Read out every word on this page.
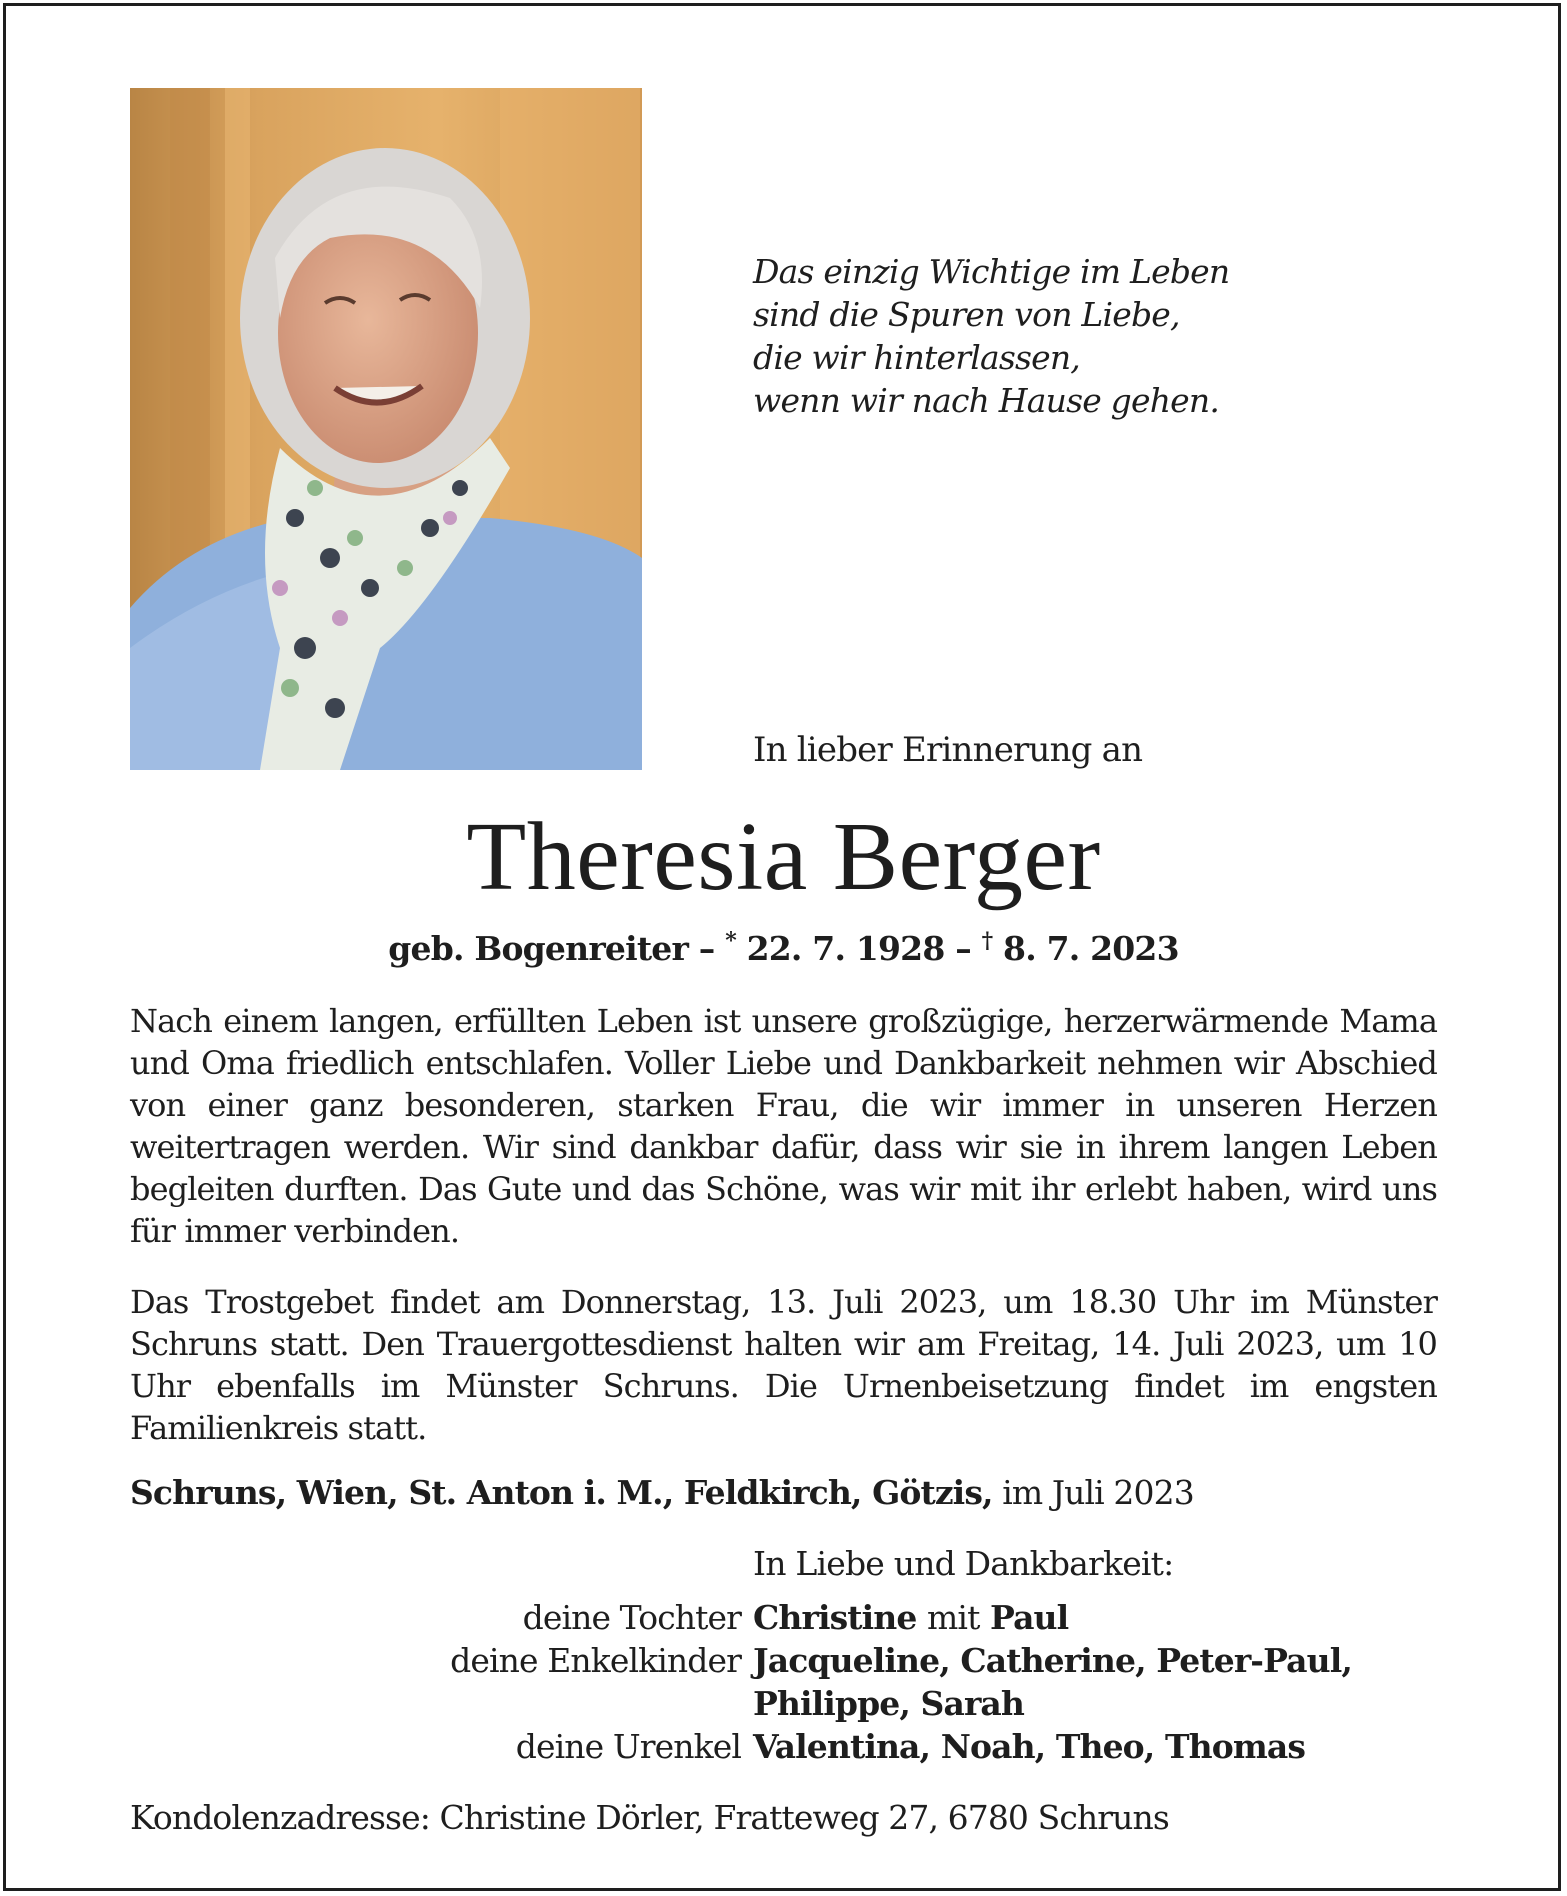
Das einzig Wichtige im Leben
sind die Spuren von Liebe,
die wir hinterlassen,
wenn wir nach Hause gehen.
In lieber Erinnerung an
Theresia Berger
geb. Bogenreiter – * 22. 7. 1928 – † 8. 7. 2023
Nach einem langen, erfüllten Leben ist unsere großzügige, herzerwärmende Mama und Oma friedlich entschlafen. Voller Liebe und Dankbarkeit nehmen wir Abschied von einer ganz besonderen, starken Frau, die wir immer in unseren Herzen weitertragen werden. Wir sind dankbar dafür, dass wir sie in ihrem langen Leben begleiten durften. Das Gute und das Schöne, was wir mit ihr erlebt haben, wird uns für immer verbinden.
Das Trostgebet findet am Donnerstag, 13. Juli 2023, um 18.30 Uhr im Münster Schruns statt. Den Trauergottesdienst halten wir am Freitag, 14. Juli 2023, um 10 Uhr ebenfalls im Münster Schruns. Die Urnenbeisetzung findet im engsten Familienkreis statt.
Schruns, Wien, St. Anton i. M., Feldkirch, Götzis, im Juli 2023
In Liebe und Dankbarkeit:
deine Tochter	Christine mit Paul
deine Enkelkinder	Jacqueline, Catherine, Peter-Paul, Philippe, Sarah
deine Urenkel	Valentina, Noah, Theo, Thomas
Kondolenzadresse: Christine Dörler, Fratteweg 27, 6780 Schruns
